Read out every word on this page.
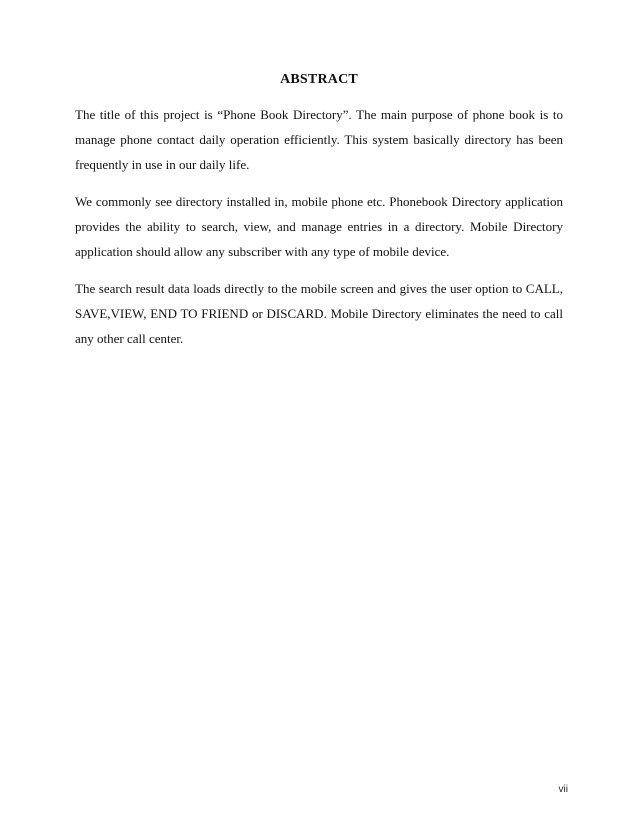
ABSTRACT

The title of this project is “Phone Book Directory”. The main purpose of phone book is to manage phone contact daily operation efficiently. This system basically directory has been frequently in use in our daily life.

We commonly see directory installed in, mobile phone etc. Phonebook Directory application provides the ability to search, view, and manage entries in a directory. Mobile Directory application should allow any subscriber with any type of mobile device.

The search result data loads directly to the mobile screen and gives the user option to CALL, SAVE,VIEW, END TO FRIEND or DISCARD. Mobile Directory eliminates the need to call any other call center.

vii
